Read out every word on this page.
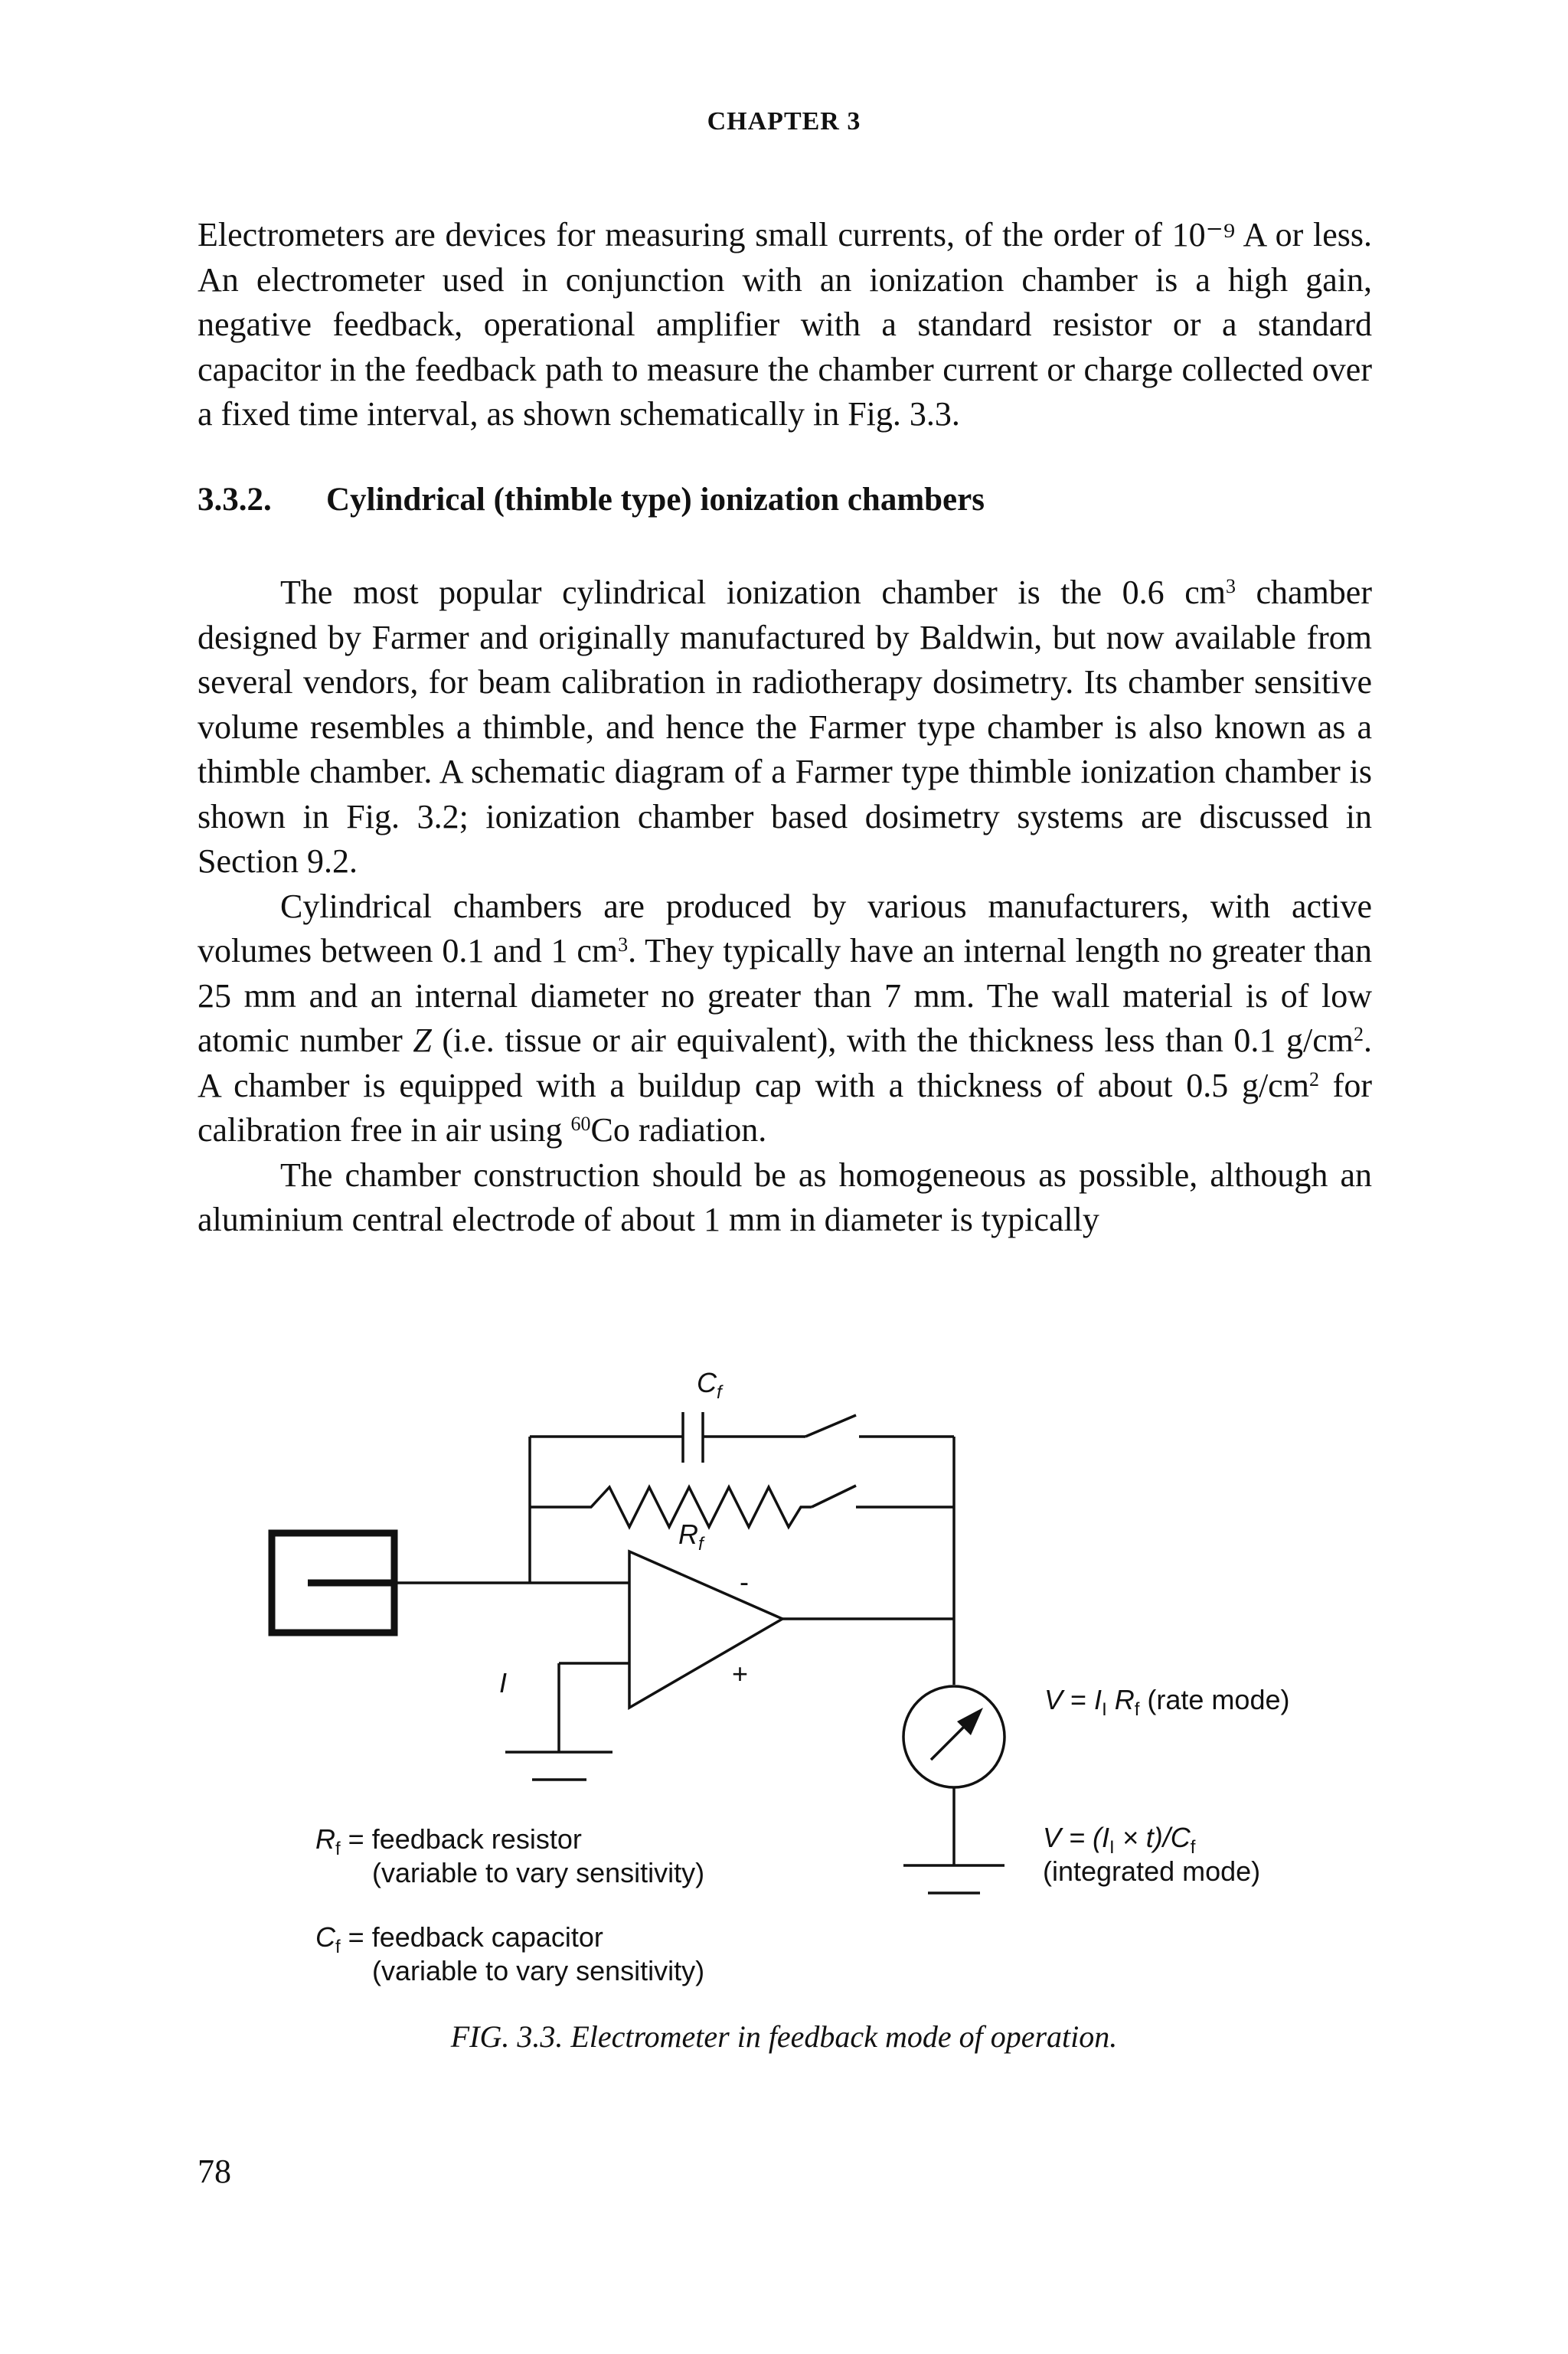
CHAPTER 3

Electrometers are devices for measuring small currents, of the order of 10⁻⁹ A or less. An electrometer used in conjunction with an ionization chamber is a high gain, negative feedback, operational amplifier with a standard resistor or a standard capacitor in the feedback path to measure the chamber current or charge collected over a fixed time interval, as shown schematically in Fig. 3.3.

3.3.2. Cylindrical (thimble type) ionization chambers

The most popular cylindrical ionization chamber is the 0.6 $cm^3$ chamber designed by Farmer and originally manufactured by Baldwin, but now available from several vendors, for beam calibration in radiotherapy dosimetry. Its chamber sensitive volume resembles a thimble, and hence the Farmer type chamber is also known as a thimble chamber. A schematic diagram of a Farmer type thimble ionization chamber is shown in Fig. 3.2; ionization chamber based dosimetry systems are discussed in Section 9.2.

Cylindrical chambers are produced by various manufacturers, with active volumes between 0.1 and 1 $cm^3$. They typically have an internal length no greater than 25 mm and an internal diameter no greater than 7 mm. The wall material is of low atomic number Z (i.e. tissue or air equivalent), with the thickness less than 0.1 $g/cm^2$. A chamber is equipped with a buildup cap with a thickness of about 0.5 $g/cm^2$ for calibration free in air using $^{60}$Co radiation.

The chamber construction should be as homogeneous as possible, although an aluminium central electrode of about 1 mm in diameter is typically

$C_f$
$R_f$
-
+
I
$V = I_I$ $R_f$ (rate mode)
$V = (I_I \times t)/C_f$
(integrated mode)
$R_f$ = feedback resistor
(variable to vary sensitivity)
$C_f$ = feedback capacitor
(variable to vary sensitivity)
FIG. 3.3. Electrometer in feedback mode of operation.
78
